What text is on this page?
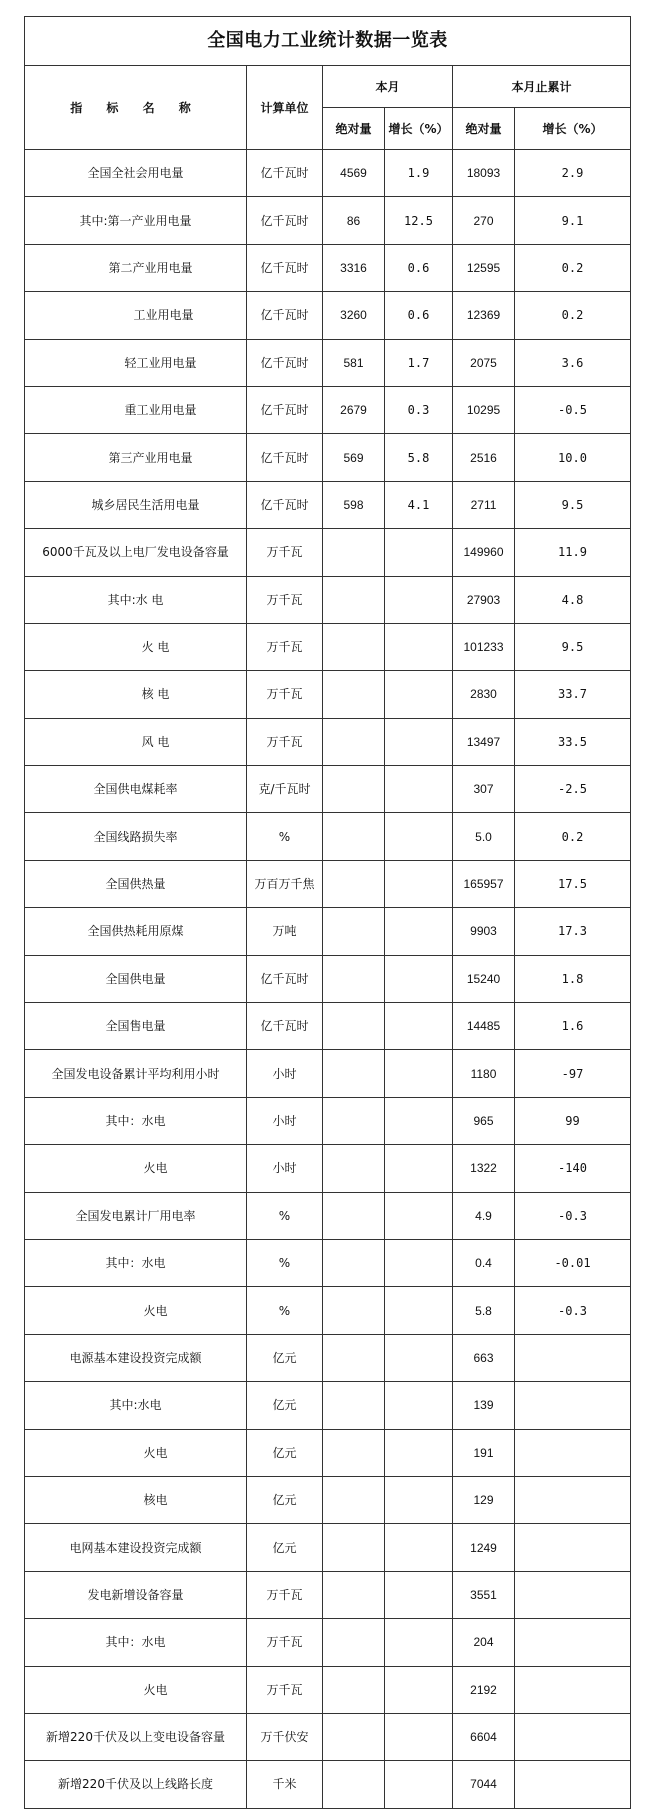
全国电力工业统计数据一览表					
指 标 名 称	计算单位	本月		本月止累计	
		绝对量	增长（%）	绝对量	增长（%）
全国全社会用电量	亿千瓦时	4569	1.9	18093	2.9
其中:第一产业用电量	亿千瓦时	86	12.5	270	9.1
第二产业用电量	亿千瓦时	3316	0.6	12595	0.2
工业用电量	亿千瓦时	3260	0.6	12369	0.2
轻工业用电量	亿千瓦时	581	1.7	2075	3.6
重工业用电量	亿千瓦时	2679	0.3	10295	-0.5
第三产业用电量	亿千瓦时	569	5.8	2516	10.0
城乡居民生活用电量	亿千瓦时	598	4.1	2711	9.5
6000千瓦及以上电厂发电设备容量	万千瓦			149960	11.9
其中:水 电	万千瓦			27903	4.8
火 电	万千瓦			101233	9.5
核 电	万千瓦			2830	33.7
风 电	万千瓦			13497	33.5
全国供电煤耗率	克/千瓦时			307	-2.5
全国线路损失率	%			5.0	0.2
全国供热量	万百万千焦			165957	17.5
全国供热耗用原煤	万吨			9903	17.3
全国供电量	亿千瓦时			15240	1.8
全国售电量	亿千瓦时			14485	1.6
全国发电设备累计平均利用小时	小时			1180	-97
其中：水电	小时			965	99
火电	小时			1322	-140
全国发电累计厂用电率	%			4.9	-0.3
其中：水电	%			0.4	-0.01
火电	%			5.8	-0.3
电源基本建设投资完成额	亿元			663	
其中:水电	亿元			139	
火电	亿元			191	
核电	亿元			129	
电网基本建设投资完成额	亿元			1249	
发电新增设备容量	万千瓦			3551	
其中：水电	万千瓦			204	
火电	万千瓦			2192	
新增220千伏及以上变电设备容量	万千伏安			6604	
新增220千伏及以上线路长度	千米			7044	
